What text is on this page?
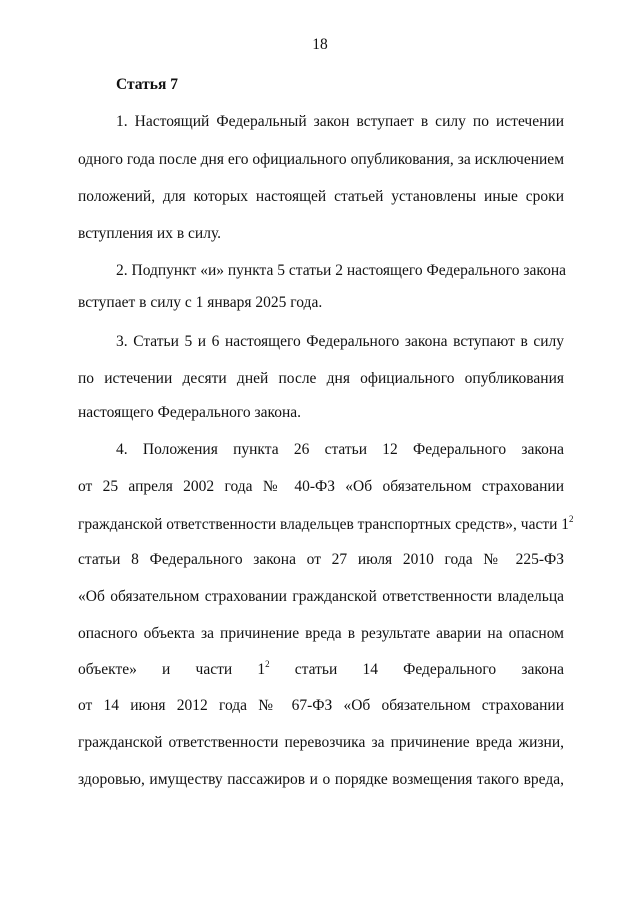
18
Статья 7
1. Настоящий Федеральный закон вступает в силу по истечении
одного года после дня его официального опубликования, за исключением
положений, для которых настоящей статьей установлены иные сроки
вступления их в силу.
2. Подпункт «и» пункта 5 статьи 2 настоящего Федерального закона
вступает в силу с 1 января 2025 года.
3. Статьи 5 и 6 настоящего Федерального закона вступают в силу
по истечении десяти дней после дня официального опубликования
настоящего Федерального закона.
4. Положения пункта 26 статьи 12 Федерального закона
от 25 апреля 2002 года № 40-ФЗ «Об обязательном страховании
гражданской ответственности владельцев транспортных средств», части $1^2$
статьи 8 Федерального закона от 27 июля 2010 года № 225-ФЗ
«Об обязательном страховании гражданской ответственности владельца
опасного объекта за причинение вреда в результате аварии на опасном
объекте» и части $1^2$ статьи 14 Федерального закона
от 14 июня 2012 года № 67-ФЗ «Об обязательном страховании
гражданской ответственности перевозчика за причинение вреда жизни,
здоровью, имуществу пассажиров и о порядке возмещения такого вреда,
